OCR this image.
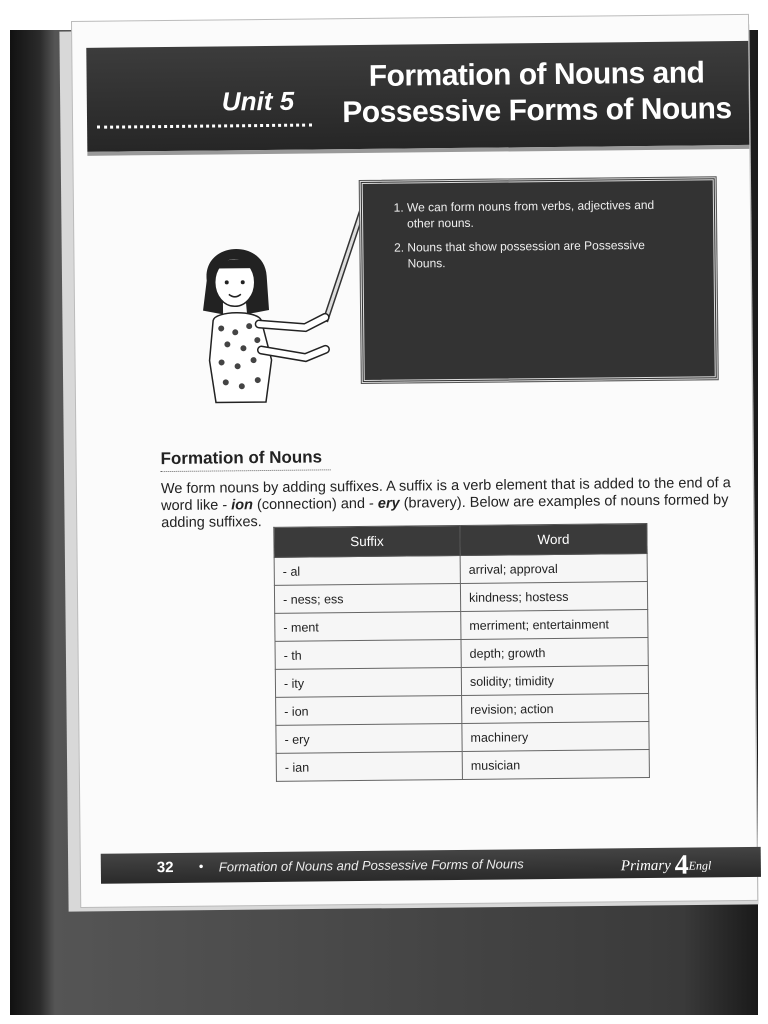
Unit 5
Formation of Nouns and
Possessive Forms of Nouns
1. We can form nouns from verbs, adjectives and other nouns.
2. Nouns that show possession are Possessive Nouns.
Formation of Nouns
We form nouns by adding suffixes. A suffix is a verb element that is added to the end of a word like - ion (connection) and - ery (bravery). Below are examples of nouns formed by adding suffixes.
Suffix	Word
- al	arrival; approval
- ness; ess	kindness; hostess
- ment	merriment; entertainment
- th	depth; growth
- ity	solidity; timidity
- ion	revision; action
- ery	machinery
- ian	musician
32 • Formation of Nouns and Possessive Forms of Nouns	Primary 4Engl
